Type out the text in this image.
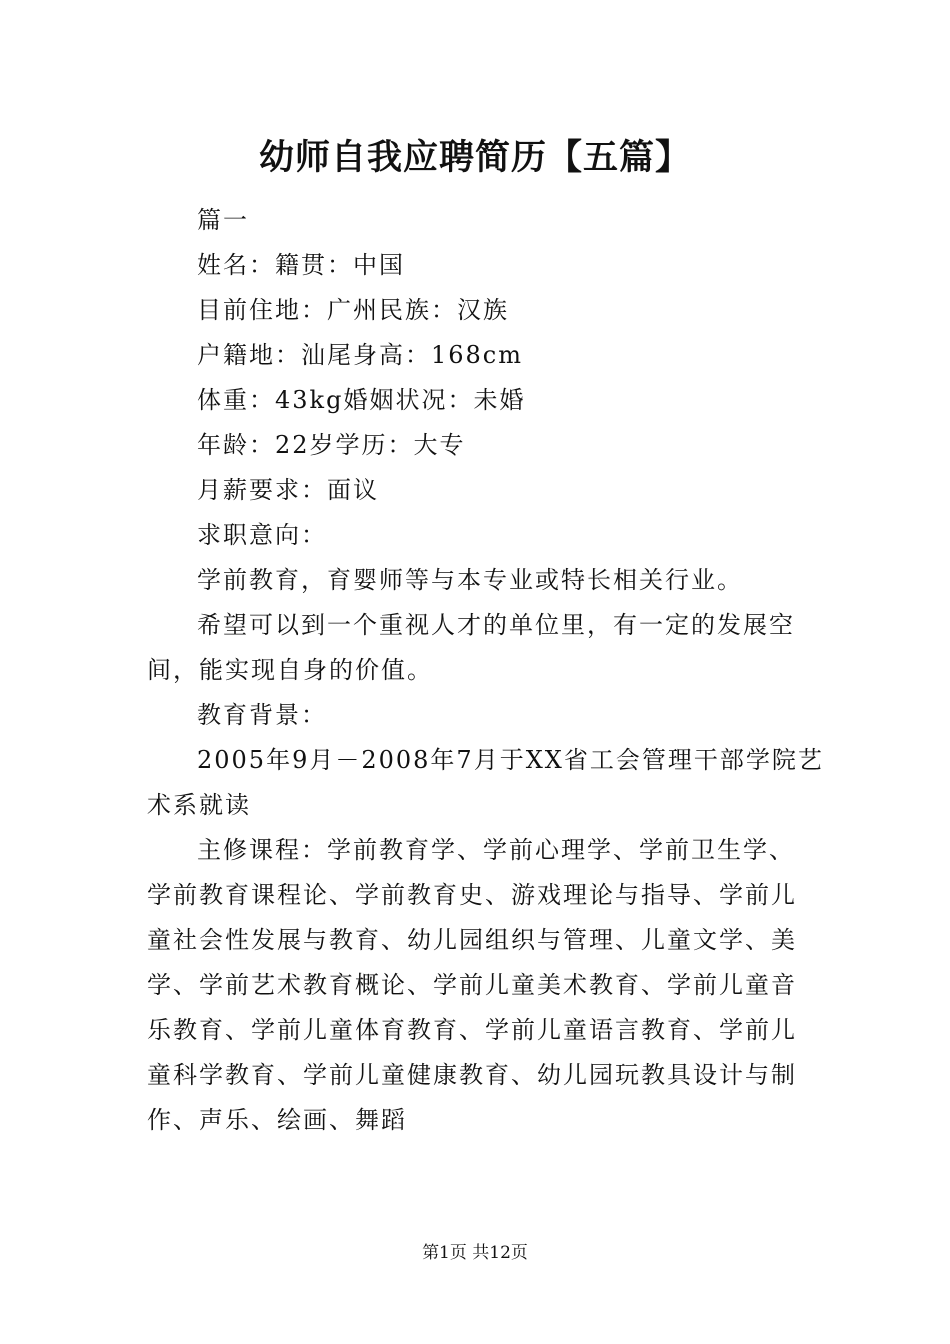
幼师自我应聘简历【五篇】

篇一

姓名：籍贯：中国

目前住地：广州民族：汉族

户籍地：汕尾身高：168cm

体重：43kg婚姻状况：未婚

年龄：22岁学历：大专

月薪要求：面议

求职意向：

学前教育，育婴师等与本专业或特长相关行业。

希望可以到一个重视人才的单位里，有一定的发展空
间，能实现自身的价值。

教育背景：

2005年9月－2008年7月于XX省工会管理干部学院艺
术系就读

主修课程：学前教育学、学前心理学、学前卫生学、
学前教育课程论、学前教育史、游戏理论与指导、学前儿
童社会性发展与教育、幼儿园组织与管理、儿童文学、美
学、学前艺术教育概论、学前儿童美术教育、学前儿童音
乐教育、学前儿童体育教育、学前儿童语言教育、学前儿
童科学教育、学前儿童健康教育、幼儿园玩教具设计与制
作、声乐、绘画、舞蹈

第1页 共12页
